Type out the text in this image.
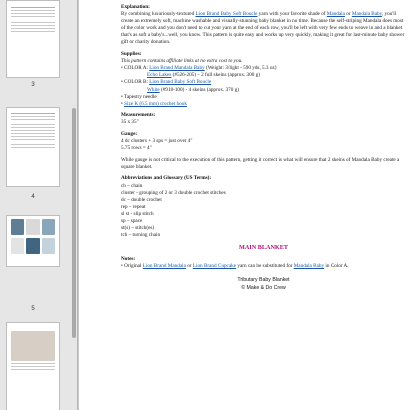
3
4
5
Explanation:
By combining luxuriously-textured Lion Brand Baby Soft Boucle yarn with your favorite shade of Mandala or Mandala Baby, you'll create an extremely soft, machine washable and visually-stunning baby blanket in no time. Because the self-striping Mandala does most of the color work and you don't need to cut your yarn at the end of each row, you'll be left with very few ends to weave in and a blanket that's as soft a baby's...well, you know. This pattern is quite easy and works up very quickly, making it great for last-minute baby shower gift or charity donation.
Supplies:
This pattern contains affiliate links at no extra cost to you.
• COLOR A: Lion Brand Mandala Baby (Weight: 3/light - 590 yds, 5.3 oz)
Echo Lakes (#526-205) – 2 full skeins (approx. 300 g)
• COLOR B: Lion Brand Baby Soft Boucle
White (#918-100) - 4 skeins (approx. 370 g)
• Tapestry needle
• Size K (6.5 mm) crochet hook
Measurements:
35 x 35"
Gauge:
4 dc clusters + 3 sps = just over 4"
5.75 rows = 4"
While gauge is not critical to the execution of this pattern, getting it correct is what will ensure that 2 skeins of Mandala Baby create a square blanket.
Abbreviations and Glossary (US Terms):
ch – chain
cluster - grouping of 2 or 3 double crochet stitches
dc – double crochet
rep – repeat
sl st - slip stitch
sp – space
st(s) – stitch(es)
tch – turning chain
MAIN BLANKET
Notes:
• Original Lion Brand Mandala or Lion Brand Cupcake yarn can be substituted for Mandala Baby in Color A.
Tributary Baby Blanket
© Make & Do Crew
